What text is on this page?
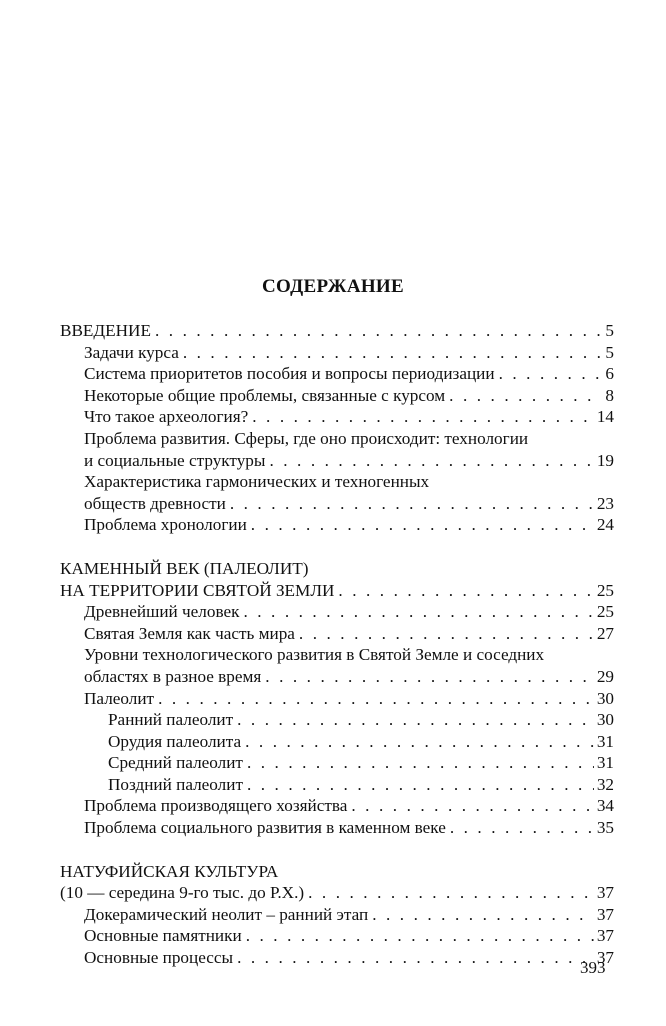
СОДЕРЖАНИЕ
ВВЕДЕНИЕ . . .	5
Задачи курса . . .	5
Система приоритетов пособия и вопросы периодизации . . .	6
Некоторые общие проблемы, связанные с курсом . . .	8
Что такое археология? . . .	14
Проблема развития. Сферы, где оно происходит: технологии
и социальные структуры . . .	19
Характеристика гармонических и техногенных
обществ древности . . .	23
Проблема хронологии . . .	24
КАМЕННЫЙ ВЕК (ПАЛЕОЛИТ)
НА ТЕРРИТОРИИ СВЯТОЙ ЗЕМЛИ . . .	25
Древнейший человек . . .	25
Святая Земля как часть мира . . .	27
Уровни технологического развития в Святой Земле и соседних
областях в разное время . . .	29
Палеолит . . .	30
Ранний палеолит . . .	30
Орудия палеолита . . .	31
Средний палеолит . . .	31
Поздний палеолит . . .	32
Проблема производящего хозяйства . . .	34
Проблема социального развития в каменном веке . . .	35
НАТУФИЙСКАЯ КУЛЬТУРА
(10 — середина 9-го тыс. до Р.Х.) . . .	37
Докерамический неолит – ранний этап . . .	37
Основные памятники . . .	37
Основные процессы . . .	37
393
